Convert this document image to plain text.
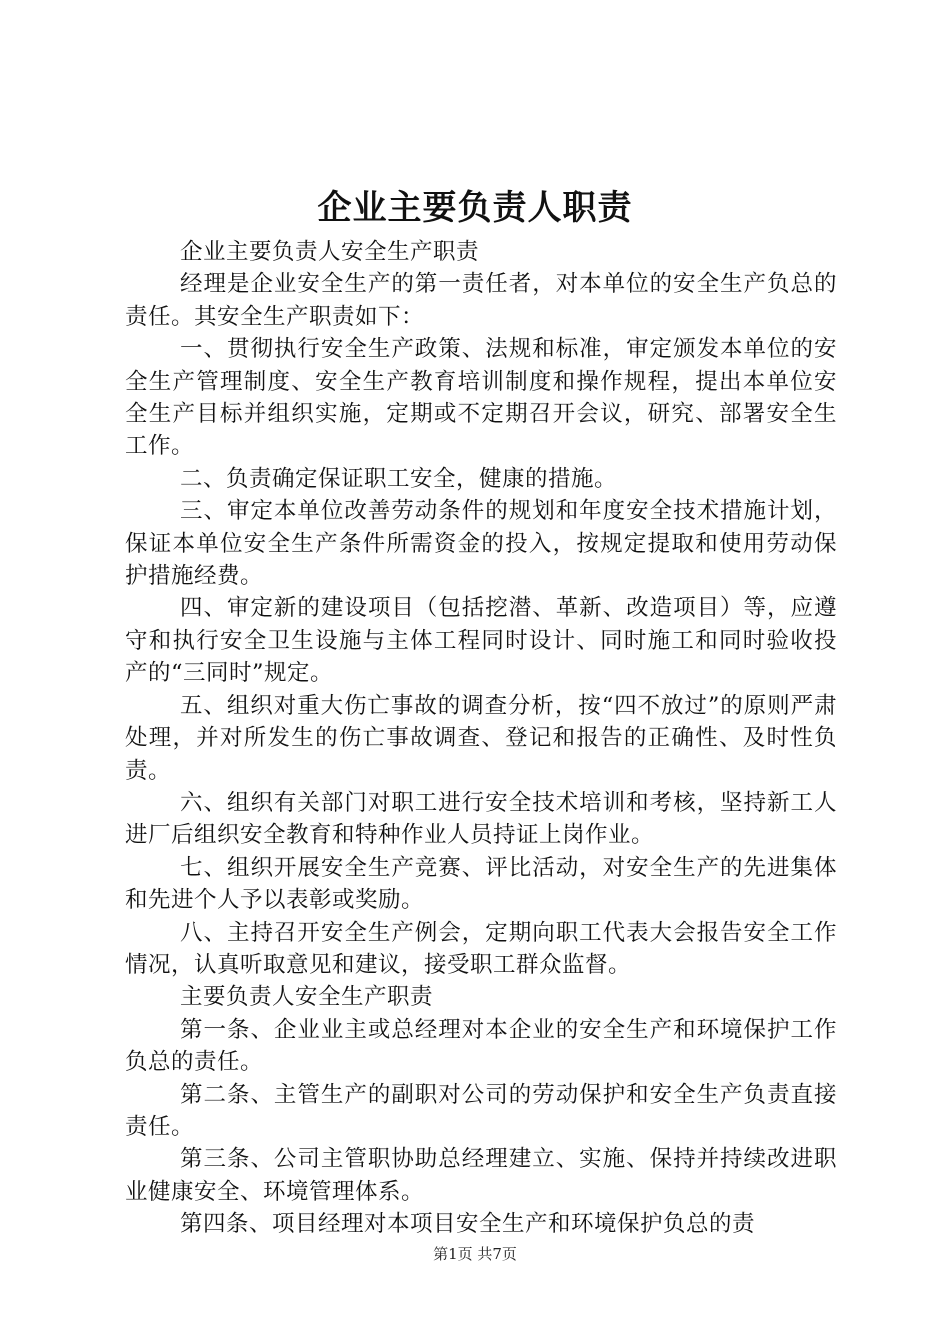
企业主要负责人职责

企业主要负责人安全生产职责

经理是企业安全生产的第一责任者，对本单位的安全生产负总的责任。其安全生产职责如下：

一、贯彻执行安全生产政策、法规和标准，审定颁发本单位的安全生产管理制度、安全生产教育培训制度和操作规程，提出本单位安全生产目标并组织实施，定期或不定期召开会议，研究、部署安全生工作。

二、负责确定保证职工安全，健康的措施。

三、审定本单位改善劳动条件的规划和年度安全技术措施计划，保证本单位安全生产条件所需资金的投入，按规定提取和使用劳动保护措施经费。

四、审定新的建设项目（包括挖潜、革新、改造项目）等，应遵守和执行安全卫生设施与主体工程同时设计、同时施工和同时验收投产的“三同时”规定。

五、组织对重大伤亡事故的调查分析，按“四不放过”的原则严肃处理，并对所发生的伤亡事故调查、登记和报告的正确性、及时性负责。

六、组织有关部门对职工进行安全技术培训和考核，坚持新工人进厂后组织安全教育和特种作业人员持证上岗作业。

七、组织开展安全生产竞赛、评比活动，对安全生产的先进集体和先进个人予以表彰或奖励。

八、主持召开安全生产例会，定期向职工代表大会报告安全工作情况，认真听取意见和建议，接受职工群众监督。

主要负责人安全生产职责

第一条、企业业主或总经理对本企业的安全生产和环境保护工作负总的责任。

第二条、主管生产的副职对公司的劳动保护和安全生产负责直接责任。

第三条、公司主管职协助总经理建立、实施、保持并持续改进职业健康安全、环境管理体系。

第四条、项目经理对本项目安全生产和环境保护负总的责

第1页 共7页
